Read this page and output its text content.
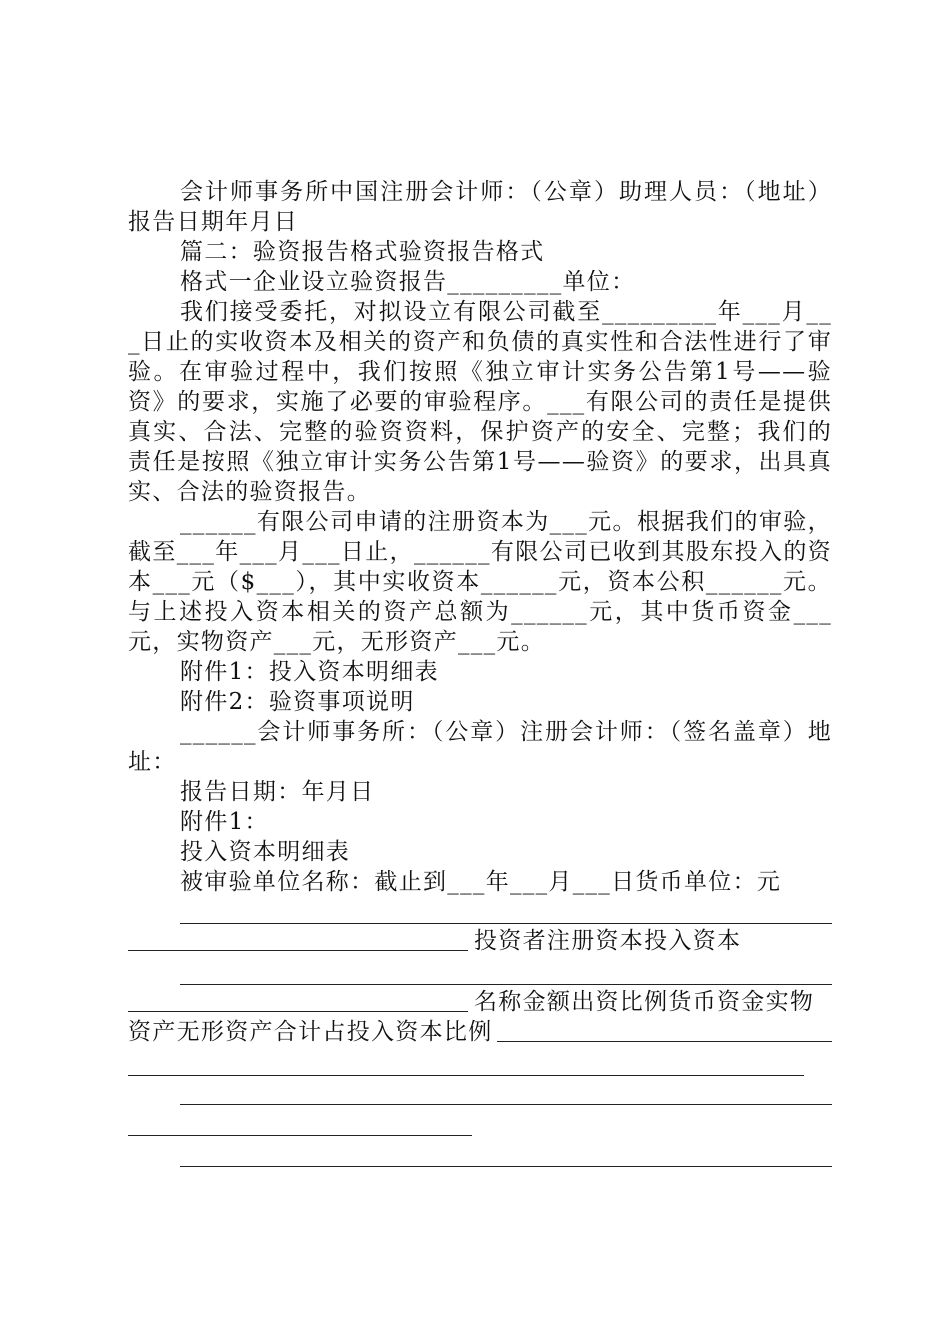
会计师事务所中国注册会计师：（公章）助理人员：（地址）报告日期年月日

篇二：验资报告格式验资报告格式

格式一企业设立验资报告_________单位：

我们接受委托，对拟设立有限公司截至_________年___月___日止的实收资本及相关的资产和负债的真实性和合法性进行了审验。在审验过程中，我们按照《独立审计实务公告第1号——验资》的要求，实施了必要的审验程序。___有限公司的责任是提供真实、合法、完整的验资资料，保护资产的安全、完整；我们的责任是按照《独立审计实务公告第1号——验资》的要求，出具真实、合法的验资报告。

______有限公司申请的注册资本为___元。根据我们的审验，截至___年___月___日止，______有限公司已收到其股东投入的资本___元（$___），其中实收资本______元，资本公积______元。与上述投入资本相关的资产总额为______元，其中货币资金___元，实物资产___元，无形资产___元。

附件1：投入资本明细表

附件2：验资事项说明

______会计师事务所：（公章）注册会计师：（签名盖章）地址：

报告日期：年月日

附件1：

投入资本明细表

被审验单位名称：截止到___年___月___日货币单位：元

投资者注册资本投入资本

名称金额出资比例货币资金实物

资产无形资产合计占投入资本比例
